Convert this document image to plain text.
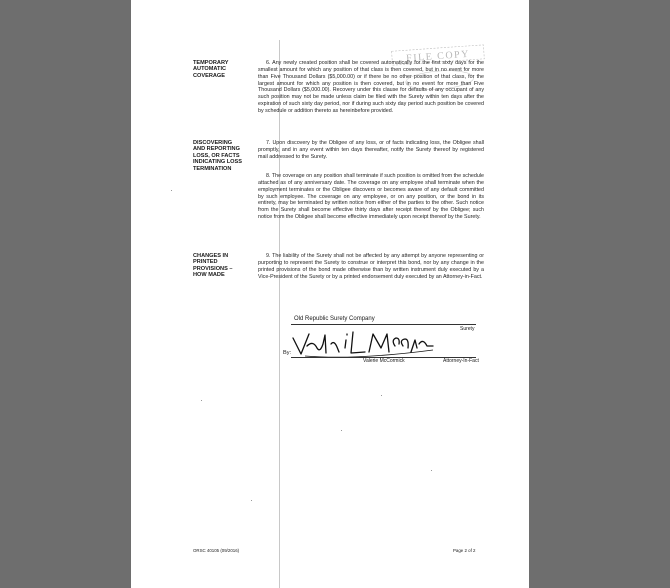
FILE COPY
TEMPORARY
AUTOMATIC
COVERAGE
6. Any newly created position shall be covered automatically for the first sixty days for the smallest amount for which any position of that class is then covered, but in no event for more than Five Thousand Dollars ($5,000.00) or if there be no other position of that class, for the largest amount for which any position is then covered, but in no event for more than Five Thousand Dollars ($5,000.00). Recovery under this clause for defaults of any occupant of any such position may not be made unless claim be filed with the Surety within ten days after the expiration of such sixty day period, nor if during such sixty day period such position be covered by schedule or addition thereto as hereinbefore provided.
DISCOVERING
AND REPORTING
LOSS, OR FACTS
INDICATING LOSS
TERMINATION
7. Upon discovery by the Obligee of any loss, or of facts indicating loss, the Obligee shall promptly, and in any event within ten days thereafter, notify the Surety thereof by registered mail addressed to the Surety.
8. The coverage on any position shall terminate if such position is omitted from the schedule attached as of any anniversary date. The coverage on any employee shall terminate when the employment terminates or the Obligee discovers or becomes aware of any default committed by such employee. The coverage on any employee, or on any position, or the bond in its entirety, may be terminated by written notice from either of the parties to the other. Such notice from the Surety shall become effective thirty days after receipt thereof by the Obligee; such notice from the Obligee shall become effective immediately upon receipt thereof by the Surety.
CHANGES IN
PRINTED
PROVISIONS –
HOW MADE
9. The liability of the Surety shall not be affected by any attempt by anyone representing or purporting to represent the Surety to construe or interpret this bond, nor by any change in the printed provisions of the bond made otherwise than by written instrument duly executed by a Vice-President of the Surety or by a printed endorsement duly executed by an Attorney-in-Fact.
Old Republic Surety Company
Surety
By:
Valerie McCormick	Attorney-In-Fact
ORSC 40105 (09/2016)	Page 2 of 2
